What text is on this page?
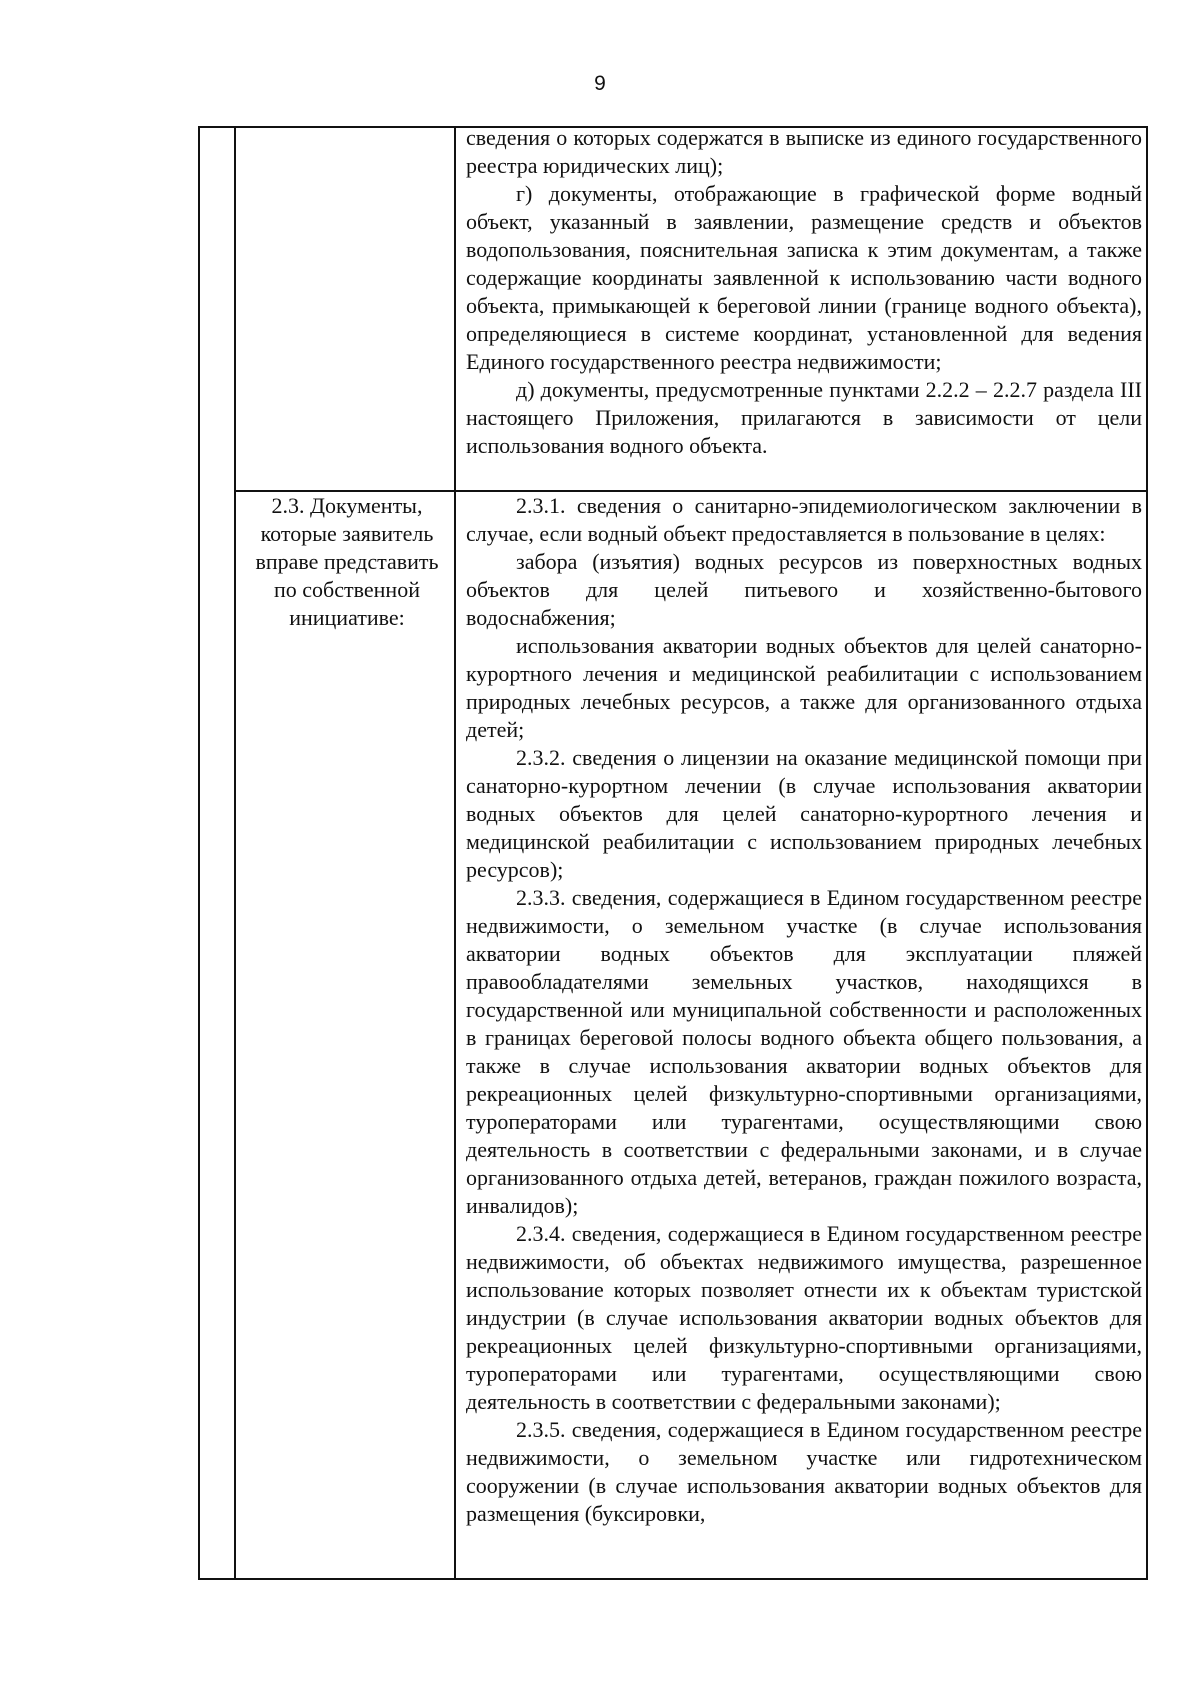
9

сведения о которых содержатся в выписке из единого государственного реестра юридических лиц);

г) документы, отображающие в графической форме водный объект, указанный в заявлении, размещение средств и объектов водопользования, пояснительная записка к этим документам, а также содержащие координаты заявленной к использованию части водного объекта, примыкающей к береговой линии (границе водного объекта), определяющиеся в системе координат, установленной для ведения Единого государственного реестра недвижимости;

д) документы, предусмотренные пунктами 2.2.2 – 2.2.7 раздела III настоящего Приложения, прилагаются в зависимости от цели использования водного объекта.

2.3. Документы,
которые заявитель
вправе представить
по собственной
инициативе:

2.3.1. сведения о санитарно-эпидемиологическом заключении в случае, если водный объект предоставляется в пользование в целях:

забора (изъятия) водных ресурсов из поверхностных водных объектов для целей питьевого и хозяйственно-бытового водоснабжения;

использования акватории водных объектов для целей санаторно-курортного лечения и медицинской реабилитации с использованием природных лечебных ресурсов, а также для организованного отдыха детей;

2.3.2. сведения о лицензии на оказание медицинской помощи при санаторно-курортном лечении (в случае использования акватории водных объектов для целей санаторно-курортного лечения и медицинской реабилитации с использованием природных лечебных ресурсов);

2.3.3. сведения, содержащиеся в Едином государственном реестре недвижимости, о земельном участке (в случае использования акватории водных объектов для эксплуатации пляжей правообладателями земельных участков, находящихся в государственной или муниципальной собственности и расположенных в границах береговой полосы водного объекта общего пользования, а также в случае использования акватории водных объектов для рекреационных целей физкультурно-спортивными организациями, туроператорами или турагентами, осуществляющими свою деятельность в соответствии с федеральными законами, и в случае организованного отдыха детей, ветеранов, граждан пожилого возраста, инвалидов);

2.3.4. сведения, содержащиеся в Едином государственном реестре недвижимости, об объектах недвижимого имущества, разрешенное использование которых позволяет отнести их к объектам туристской индустрии (в случае использования акватории водных объектов для рекреационных целей физкультурно-спортивными организациями, туроператорами или турагентами, осуществляющими свою деятельность в соответствии с федеральными законами);

2.3.5. сведения, содержащиеся в Едином государственном реестре недвижимости, о земельном участке или гидротехническом сооружении (в случае использования акватории водных объектов для размещения (буксировки,
